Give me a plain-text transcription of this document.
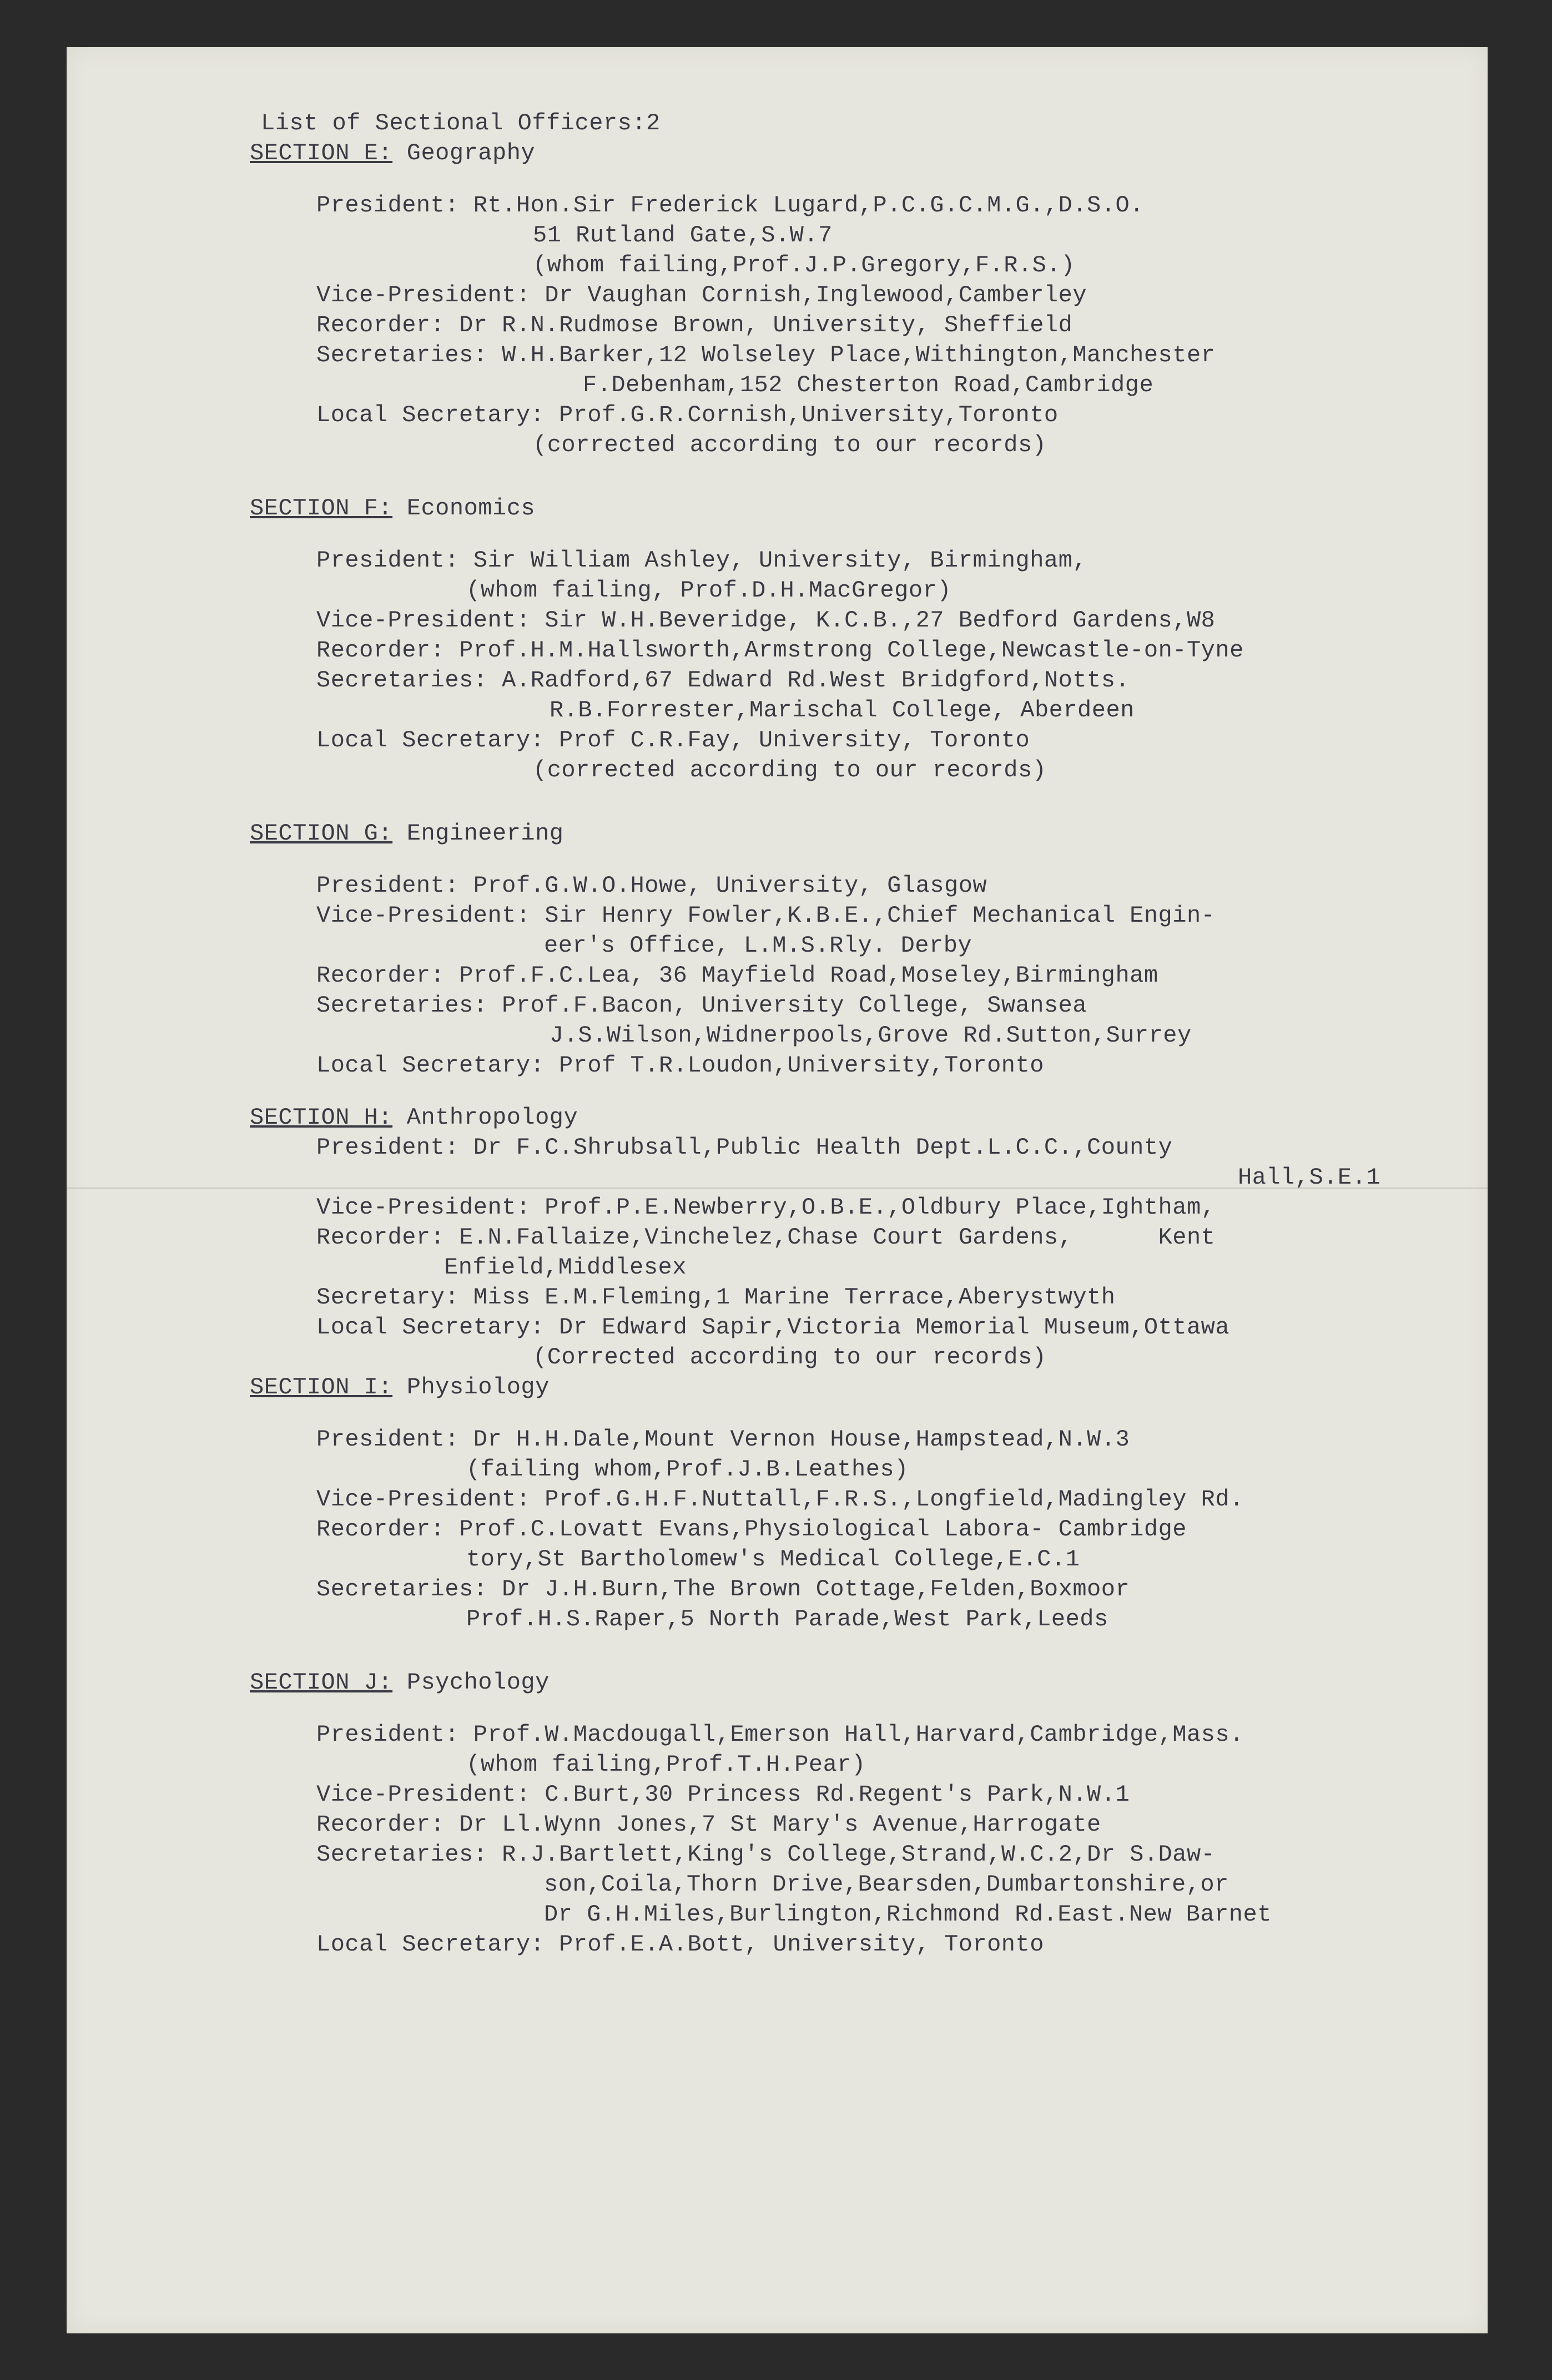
List of Sectional Officers:2
SECTION E: Geography
President: Rt.Hon.Sir Frederick Lugard,P.C.G.C.M.G.,D.S.O.
51 Rutland Gate,S.W.7
(whom failing,Prof.J.P.Gregory,F.R.S.)
Vice-President: Dr Vaughan Cornish,Inglewood,Camberley
Recorder: Dr R.N.Rudmose Brown, University, Sheffield
Secretaries: W.H.Barker,12 Wolseley Place,Withington,Manchester
F.Debenham,152 Chesterton Road,Cambridge
Local Secretary: Prof.G.R.Cornish,University,Toronto
(corrected according to our records)
SECTION F: Economics
President: Sir William Ashley, University, Birmingham,
(whom failing, Prof.D.H.MacGregor)
Vice-President: Sir W.H.Beveridge, K.C.B.,27 Bedford Gardens,W8
Recorder: Prof.H.M.Hallsworth,Armstrong College,Newcastle-on-Tyne
Secretaries: A.Radford,67 Edward Rd.West Bridgford,Notts.
R.B.Forrester,Marischal College, Aberdeen
Local Secretary: Prof C.R.Fay, University, Toronto
(corrected according to our records)
SECTION G: Engineering
President: Prof.G.W.O.Howe, University, Glasgow
Vice-President: Sir Henry Fowler,K.B.E.,Chief Mechanical Engin-
eer's Office, L.M.S.Rly. Derby
Recorder: Prof.F.C.Lea, 36 Mayfield Road,Moseley,Birmingham
Secretaries: Prof.F.Bacon, University College, Swansea
J.S.Wilson,Widnerpools,Grove Rd.Sutton,Surrey
Local Secretary: Prof T.R.Loudon,University,Toronto
SECTION H: Anthropology
President: Dr F.C.Shrubsall,Public Health Dept.L.C.C.,County
Hall,S.E.1
Vice-President: Prof.P.E.Newberry,O.B.E.,Oldbury Place,Ightham,
Recorder: E.N.Fallaize,Vinchelez,Chase Court Gardens,      Kent
Enfield,Middlesex
Secretary: Miss E.M.Fleming,1 Marine Terrace,Aberystwyth
Local Secretary: Dr Edward Sapir,Victoria Memorial Museum,Ottawa
(Corrected according to our records)
SECTION I: Physiology
President: Dr H.H.Dale,Mount Vernon House,Hampstead,N.W.3
(failing whom,Prof.J.B.Leathes)
Vice-President: Prof.G.H.F.Nuttall,F.R.S.,Longfield,Madingley Rd.
Recorder: Prof.C.Lovatt Evans,Physiological Labora- Cambridge
tory,St Bartholomew's Medical College,E.C.1
Secretaries: Dr J.H.Burn,The Brown Cottage,Felden,Boxmoor
Prof.H.S.Raper,5 North Parade,West Park,Leeds
SECTION J: Psychology
President: Prof.W.Macdougall,Emerson Hall,Harvard,Cambridge,Mass.
(whom failing,Prof.T.H.Pear)
Vice-President: C.Burt,30 Princess Rd.Regent's Park,N.W.1
Recorder: Dr Ll.Wynn Jones,7 St Mary's Avenue,Harrogate
Secretaries: R.J.Bartlett,King's College,Strand,W.C.2,Dr S.Daw-
son,Coila,Thorn Drive,Bearsden,Dumbartonshire,or
Dr G.H.Miles,Burlington,Richmond Rd.East.New Barnet
Local Secretary: Prof.E.A.Bott, University, Toronto
